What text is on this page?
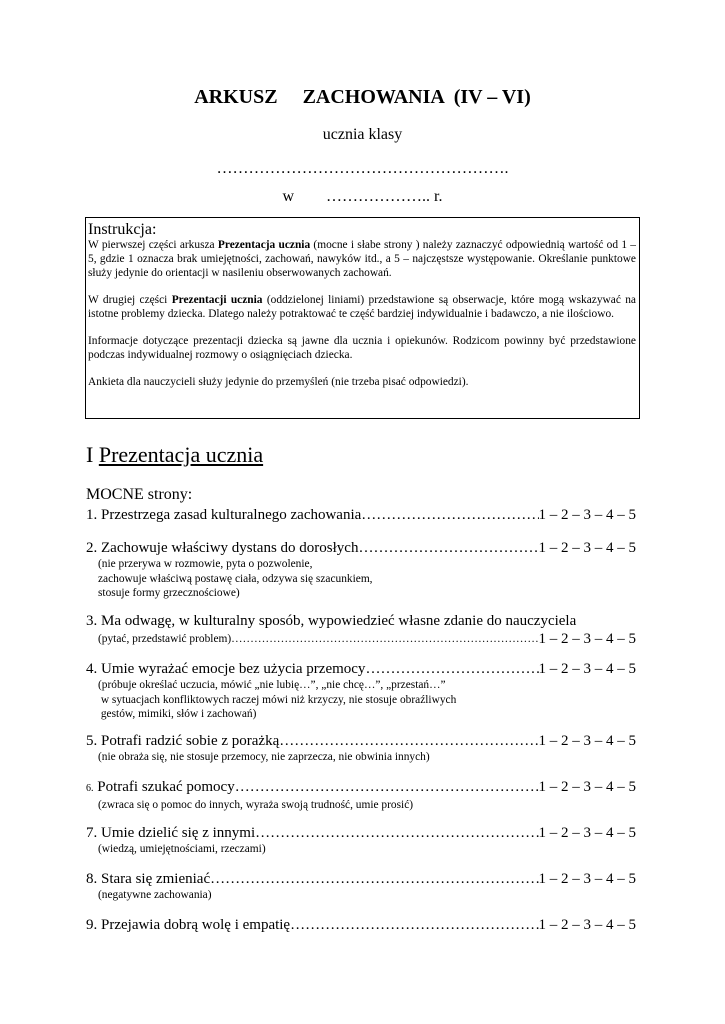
ARKUSZ     ZACHOWANIA  (IV – VI)
ucznia klasy
……………………………………………….
w        ……………….. r.
Instrukcja:

W pierwszej części arkusza Prezentacja ucznia (mocne i słabe strony ) należy zaznaczyć odpowiednią wartość od 1 – 5, gdzie 1 oznacza brak umiejętności, zachowań, nawyków itd., a 5 – najczęstsze występowanie. Określanie punktowe służy jedynie do orientacji w nasileniu obserwowanych zachowań.

W drugiej części Prezentacji ucznia (oddzielonej liniami) przedstawione są obserwacje, które mogą wskazywać na istotne problemy dziecka. Dlatego należy potraktować te część bardziej indywidualnie i badawczo, a nie ilościowo.

Informacje dotyczące prezentacji dziecka są jawne dla ucznia i opiekunów. Rodzicom powinny być przedstawione podczas indywidualnej rozmowy o osiągnięciach dziecka.

Ankieta dla nauczycieli służy jedynie do przemyśleń (nie trzeba pisać odpowiedzi).

I Prezentacja ucznia
MOCNE strony:
1. Przestrzega zasad kulturalnego zachowania ……………………………………………………………………………………………………………………………	1 – 2 – 3 – 4 – 5
2. Zachowuje właściwy dystans do dorosłych ……………………………………………………………………………………………………………………………	1 – 2 – 3 – 4 – 5
(nie przerywa w rozmowie, pyta o pozwolenie,
zachowuje właściwą postawę ciała, odzywa się szacunkiem,
stosuje formy grzecznościowe)
3. Ma odwagę, w kulturalny sposób, wypowiedzieć własne zdanie do nauczyciela
(pytać, przedstawić problem) ……………………………………………………………………………………………………………………………	1 – 2 – 3 – 4 – 5
4. Umie wyrażać emocje bez użycia przemocy ……………………………………………………………………………………………………………………………	1 – 2 – 3 – 4 – 5
(próbuje określać uczucia, mówić „nie lubię…”, „nie chcę…”, „przestań…”
w sytuacjach konfliktowych raczej mówi niż krzyczy, nie stosuje obraźliwych
gestów, mimiki, słów i zachowań)
5. Potrafi radzić sobie z porażką ……………………………………………………………………………………………………………………………	1 – 2 – 3 – 4 – 5
(nie obraża się, nie stosuje przemocy, nie zaprzecza, nie obwinia innych)
6. Potrafi szukać pomocy ……………………………………………………………………………………………………………………………	1 – 2 – 3 – 4 – 5
(zwraca się o pomoc do innych, wyraża swoją trudność, umie prosić)
7. Umie dzielić się z innymi ……………………………………………………………………………………………………………………………	1 – 2 – 3 – 4 – 5
(wiedzą, umiejętnościami, rzeczami)
8. Stara się zmieniać ……………………………………………………………………………………………………………………………	1 – 2 – 3 – 4 – 5
(negatywne zachowania)
9. Przejawia dobrą wolę i empatię ……………………………………………………………………………………………………………………………	1 – 2 – 3 – 4 – 5
